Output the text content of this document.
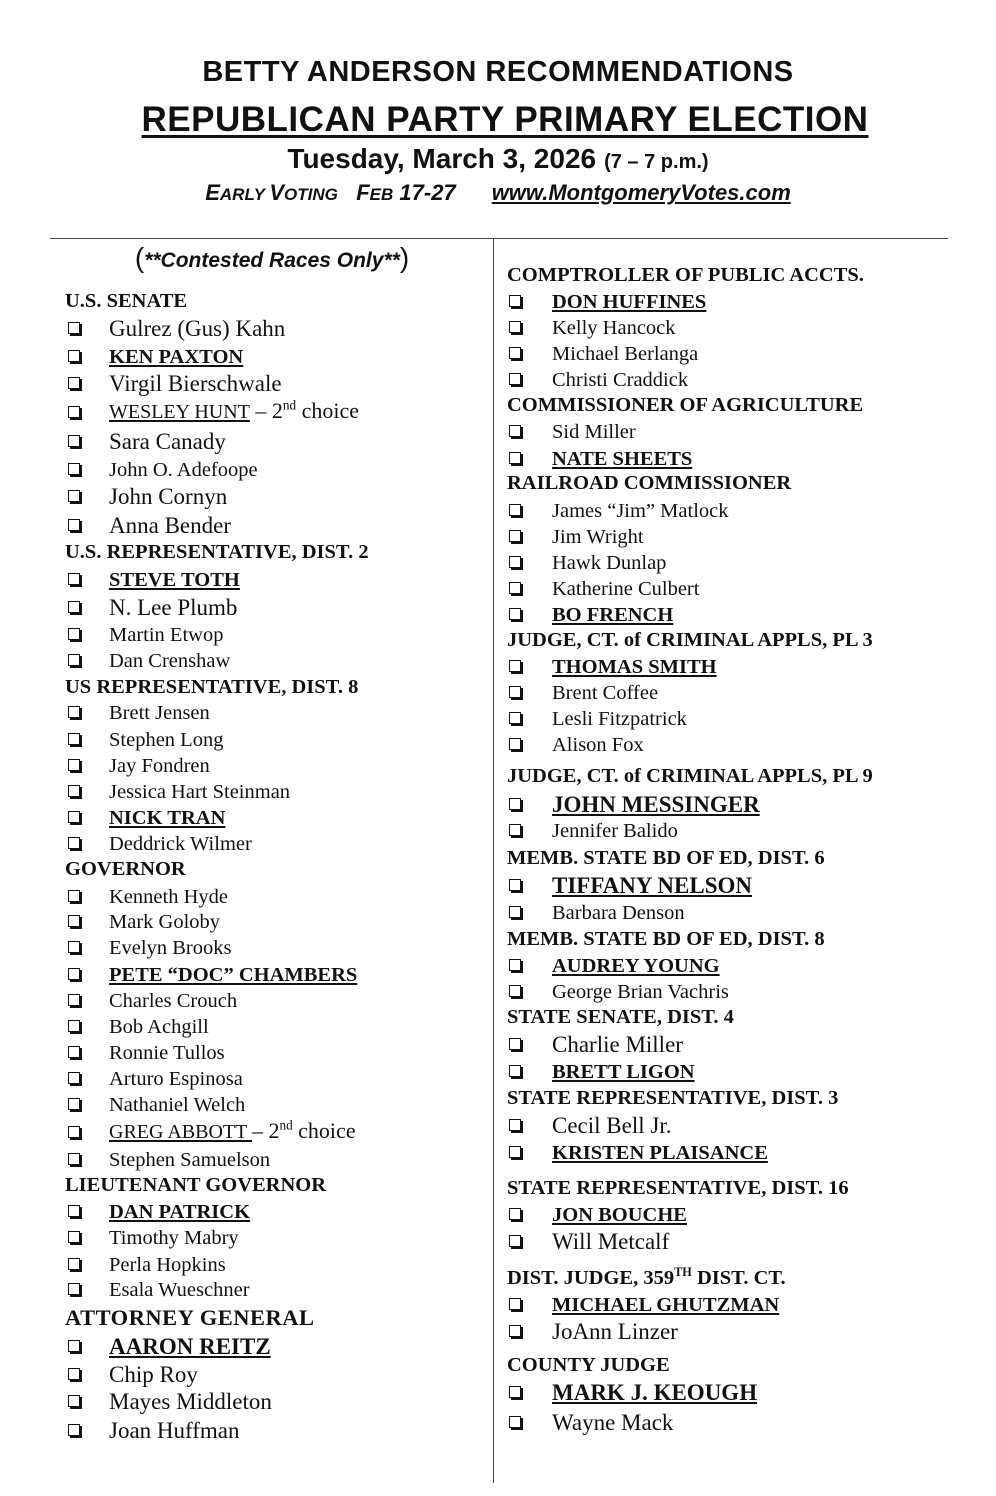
BETTY ANDERSON RECOMMENDATIONS
REPUBLICAN PARTY PRIMARY ELECTION
Tuesday, March 3, 2026 (7 – 7 p.m.)
EARLY VOTING FEB 17-27 www.MontgomeryVotes.com
(**Contested Races Only**)
U.S. SENATE
Gulrez (Gus) Kahn
KEN PAXTON
Virgil Bierschwale
WESLEY HUNT – 2nd choice
Sara Canady
John O. Adefoope
John Cornyn
Anna Bender
U.S. REPRESENTATIVE, DIST. 2
STEVE TOTH
N. Lee Plumb
Martin Etwop
Dan Crenshaw
US REPRESENTATIVE, DIST. 8
Brett Jensen
Stephen Long
Jay Fondren
Jessica Hart Steinman
NICK TRAN
Deddrick Wilmer
GOVERNOR
Kenneth Hyde
Mark Goloby
Evelyn Brooks
PETE “DOC” CHAMBERS
Charles Crouch
Bob Achgill
Ronnie Tullos
Arturo Espinosa
Nathaniel Welch
GREG ABBOTT – 2nd choice
Stephen Samuelson
LIEUTENANT GOVERNOR
DAN PATRICK
Timothy Mabry
Perla Hopkins
Esala Wueschner
ATTORNEY GENERAL
AARON REITZ
Chip Roy
Mayes Middleton
Joan Huffman
COMPTROLLER OF PUBLIC ACCTS.
DON HUFFINES
Kelly Hancock
Michael Berlanga
Christi Craddick
COMMISSIONER OF AGRICULTURE
Sid Miller
NATE SHEETS
RAILROAD COMMISSIONER
James “Jim” Matlock
Jim Wright
Hawk Dunlap
Katherine Culbert
BO FRENCH
JUDGE, CT. of CRIMINAL APPLS, PL 3
THOMAS SMITH
Brent Coffee
Lesli Fitzpatrick
Alison Fox
JUDGE, CT. of CRIMINAL APPLS, PL 9
JOHN MESSINGER
Jennifer Balido
MEMB. STATE BD OF ED, DIST. 6
TIFFANY NELSON
Barbara Denson
MEMB. STATE BD OF ED, DIST. 8
AUDREY YOUNG
George Brian Vachris
STATE SENATE, DIST. 4
Charlie Miller
BRETT LIGON
STATE REPRESENTATIVE, DIST. 3
Cecil Bell Jr.
KRISTEN PLAISANCE
STATE REPRESENTATIVE, DIST. 16
JON BOUCHE
Will Metcalf
DIST. JUDGE, 359TH DIST. CT.
MICHAEL GHUTZMAN
JoAnn Linzer
COUNTY JUDGE
MARK J. KEOUGH
Wayne Mack
